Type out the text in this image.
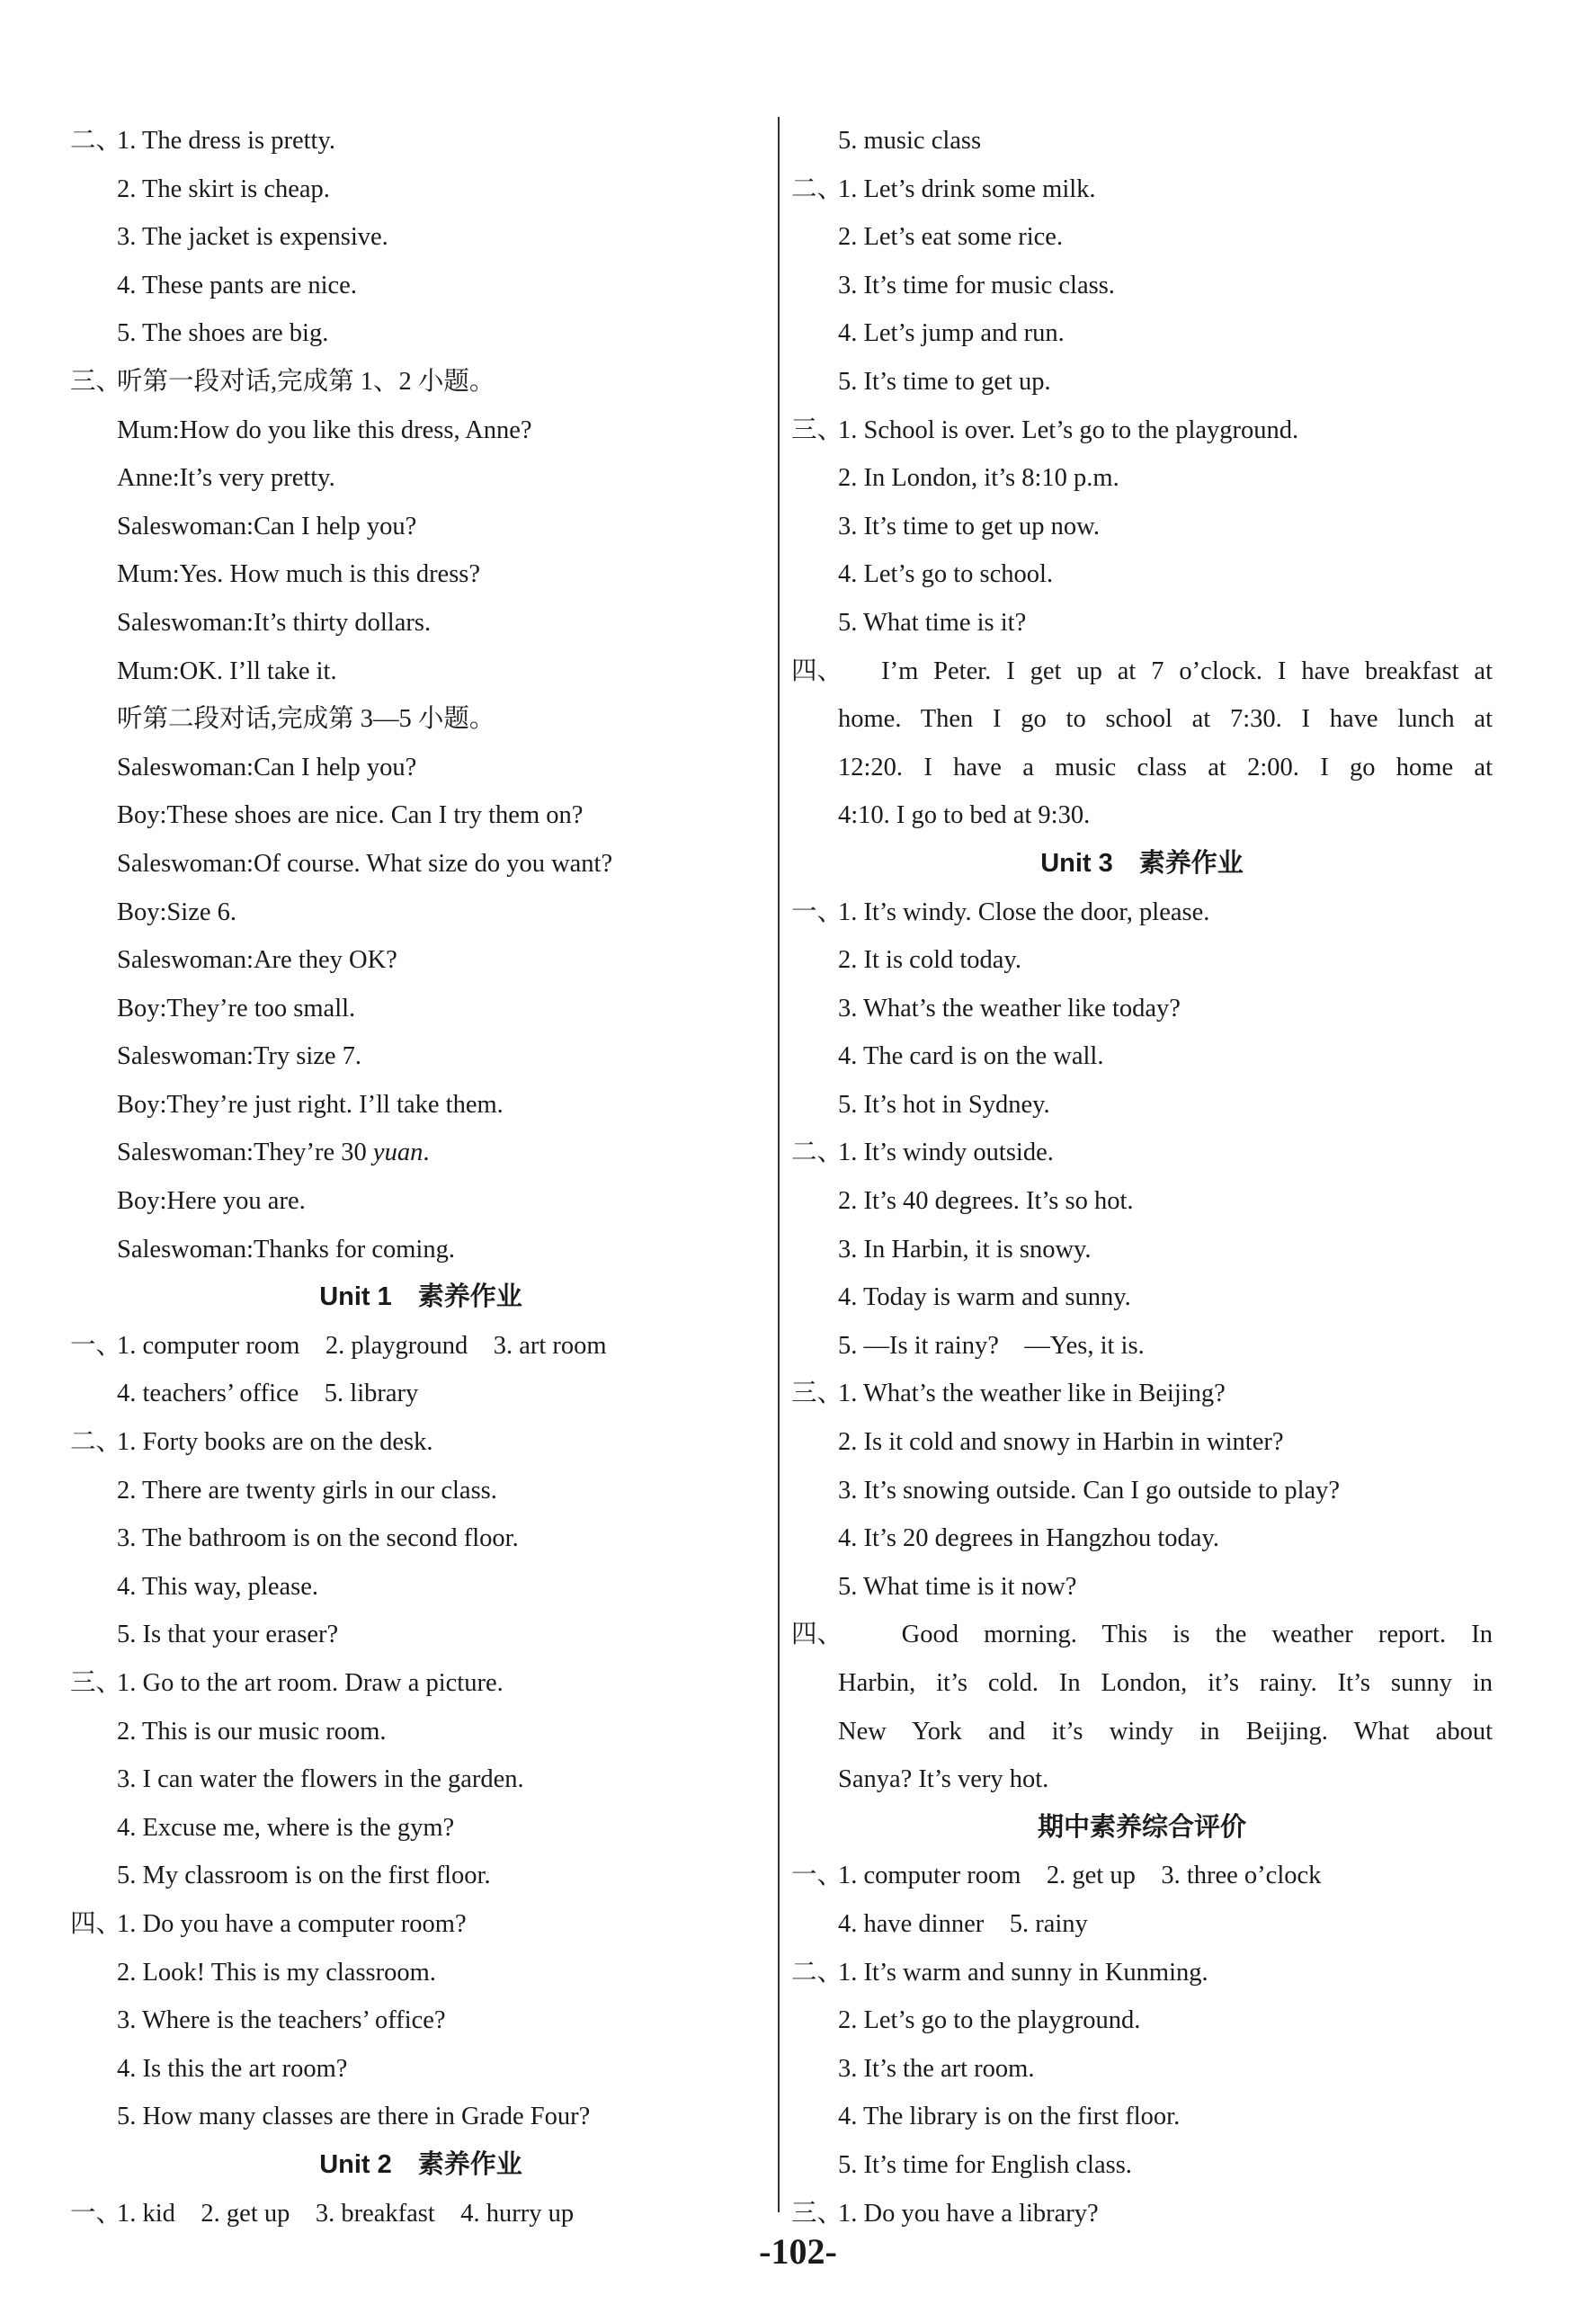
二、1. The dress is pretty.
2. The skirt is cheap.
3. The jacket is expensive.
4. These pants are nice.
5. The shoes are big.
三、听第一段对话,完成第 1、2 小题。
Mum:How do you like this dress, Anne?
Anne:It’s very pretty.
Saleswoman:Can I help you?
Mum:Yes. How much is this dress?
Saleswoman:It’s thirty dollars.
Mum:OK. I’ll take it.
听第二段对话,完成第 3—5 小题。
Saleswoman:Can I help you?
Boy:These shoes are nice. Can I try them on?
Saleswoman:Of course. What size do you want?
Boy:Size 6.
Saleswoman:Are they OK?
Boy:They’re too small.
Saleswoman:Try size 7.
Boy:They’re just right. I’ll take them.
Saleswoman:They’re 30 yuan.
Boy:Here you are.
Saleswoman:Thanks for coming.
Unit 1　素养作业
一、1. computer room　2. playground　3. art room
4. teachers’ office　5. library
二、1. Forty books are on the desk.
2. There are twenty girls in our class.
3. The bathroom is on the second floor.
4. This way, please.
5. Is that your eraser?
三、1. Go to the art room. Draw a picture.
2. This is our music room.
3. I can water the flowers in the garden.
4. Excuse me, where is the gym?
5. My classroom is on the first floor.
四、1. Do you have a computer room?
2. Look! This is my classroom.
3. Where is the teachers’ office?
4. Is this the art room?
5. How many classes are there in Grade Four?
Unit 2　素养作业
一、1. kid　2. get up　3. breakfast　4. hurry up
5. music class
二、1. Let’s drink some milk.
2. Let’s eat some rice.
3. It’s time for music class.
4. Let’s jump and run.
5. It’s time to get up.
三、1. School is over. Let’s go to the playground.
2. In London, it’s 8:10 p.m.
3. It’s time to get up now.
4. Let’s go to school.
5. What time is it?
四、　I’m Peter. I get up at 7 o’clock. I have breakfast at
home. Then I go to school at 7:30. I have lunch at
12:20. I have a music class at 2:00. I go home at
4:10. I go to bed at 9:30.
Unit 3　素养作业
一、1. It’s windy. Close the door, please.
2. It is cold today.
3. What’s the weather like today?
4. The card is on the wall.
5. It’s hot in Sydney.
二、1. It’s windy outside.
2. It’s 40 degrees. It’s so hot.
3. In Harbin, it is snowy.
4. Today is warm and sunny.
5. —Is it rainy?　—Yes, it is.
三、1. What’s the weather like in Beijing?
2. Is it cold and snowy in Harbin in winter?
3. It’s snowing outside. Can I go outside to play?
4. It’s 20 degrees in Hangzhou today.
5. What time is it now?
四、　Good morning. This is the weather report. In
Harbin, it’s cold. In London, it’s rainy. It’s sunny in
New York and it’s windy in Beijing. What about
Sanya? It’s very hot.
期中素养综合评价
一、1. computer room　2. get up　3. three o’clock
4. have dinner　5. rainy
二、1. It’s warm and sunny in Kunming.
2. Let’s go to the playground.
3. It’s the art room.
4. The library is on the first floor.
5. It’s time for English class.
三、1. Do you have a library?
-102-
